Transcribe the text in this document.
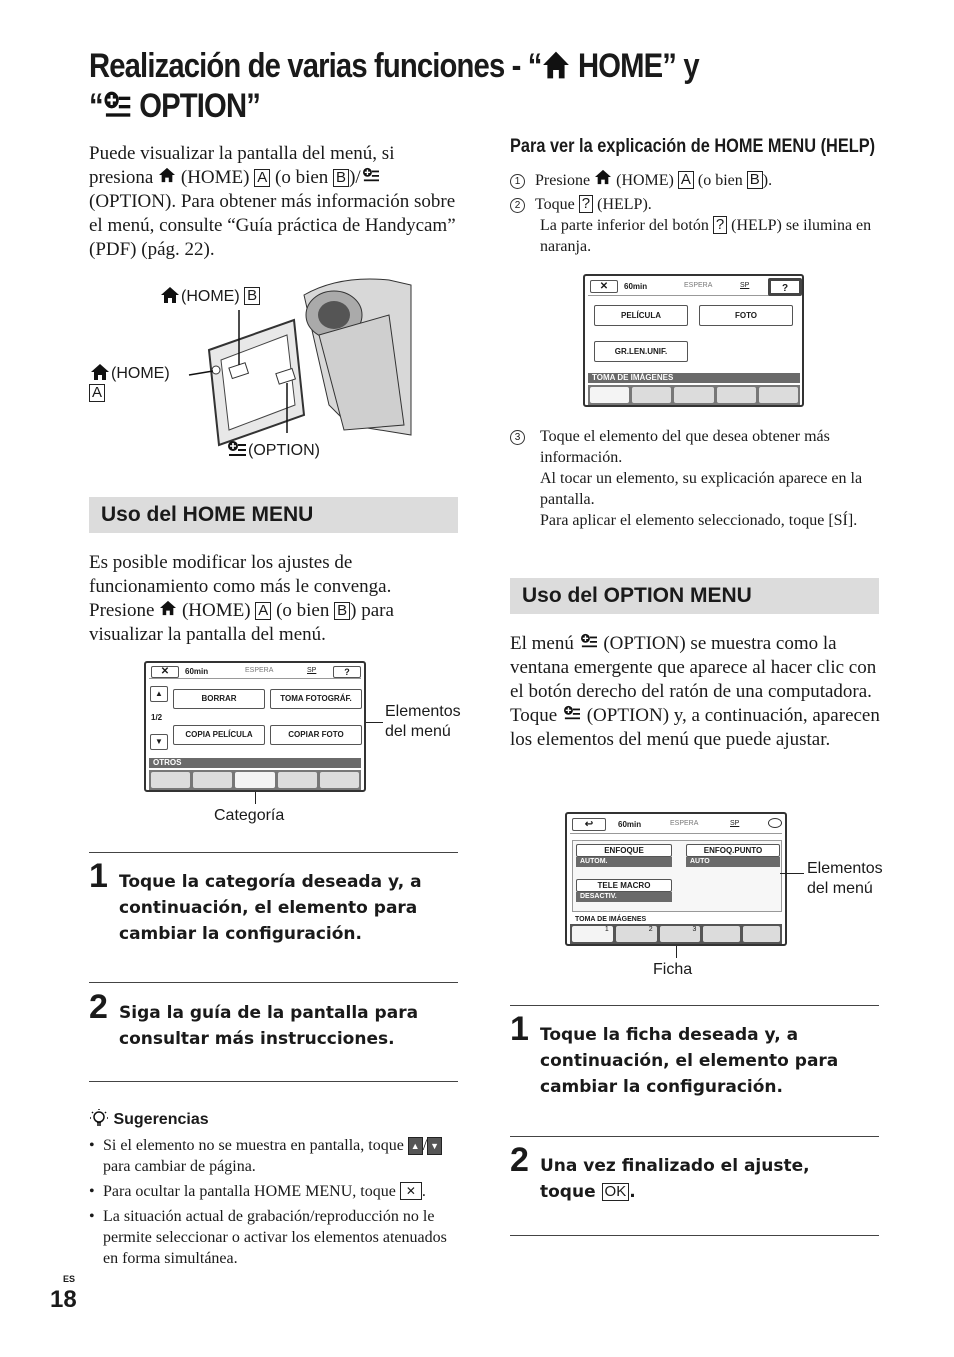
Realización de varias funciones - “ HOME” y
“ OPTION”
Puede visualizar la pantalla del menú, si presiona (HOME) A (o bien B )/ (OPTION). Para obtener más información sobre el menú, consulte “Guía práctica de Handycam” (PDF) (pág. 22).
(HOME) B
(HOME)
A
(OPTION)
Uso del HOME MENU
Es posible modificar los ajustes de funcionamiento como más le convenga. Presione (HOME) A (o bien B ) para visualizar la pantalla del menú.
✕	60min	ESPERA	SP	?
▲
1/2
▼
BORRAR	TOMA FOTOGRÁF.
COPIA PELÍCULA	COPIAR FOTO
OTROS
Elementos
del menú
Categoría
1 Toque la categoría deseada y, a continuación, el elemento para cambiar la configuración.
2 Siga la guía de la pantalla para consultar más instrucciones.
Sugerencias
• Si el elemento no se muestra en pantalla, toque ▲ / ▼ para cambiar de página.
• Para ocultar la pantalla HOME MENU, toque ✕ .
• La situación actual de grabación/reproducción no le permite seleccionar o activar los elementos atenuados en forma simultánea.
ES
18
Para ver la explicación de HOME MENU (HELP)
1 Presione (HOME) A (o bien B ).
2 Toque ? (HELP).
La parte inferior del botón ? (HELP) se ilumina en naranja.
✕	60min	ESPERA	SP	?
PELÍCULA	FOTO
GR.LEN.UNIF.
TOMA DE IMÁGENES
3	Toque el elemento del que desea obtener más información.
Al tocar un elemento, su explicación aparece en la pantalla.
Para aplicar el elemento seleccionado, toque [SÍ].
Uso del OPTION MENU
El menú (OPTION) se muestra como la ventana emergente que aparece al hacer clic con el botón derecho del ratón de una computadora.
Toque (OPTION) y, a continuación, aparecen los elementos del menú que puede ajustar.
↩	60min	ESPERA	SP
ENFOQUE
AUTOM.
ENFOQ.PUNTO
AUTO
TELE MACRO
DESACTIV.
TOMA DE IMÁGENES
1	2	3
Elementos
del menú
Ficha
1 Toque la ficha deseada y, a continuación, el elemento para cambiar la configuración.
2 Una vez finalizado el ajuste, toque OK .
